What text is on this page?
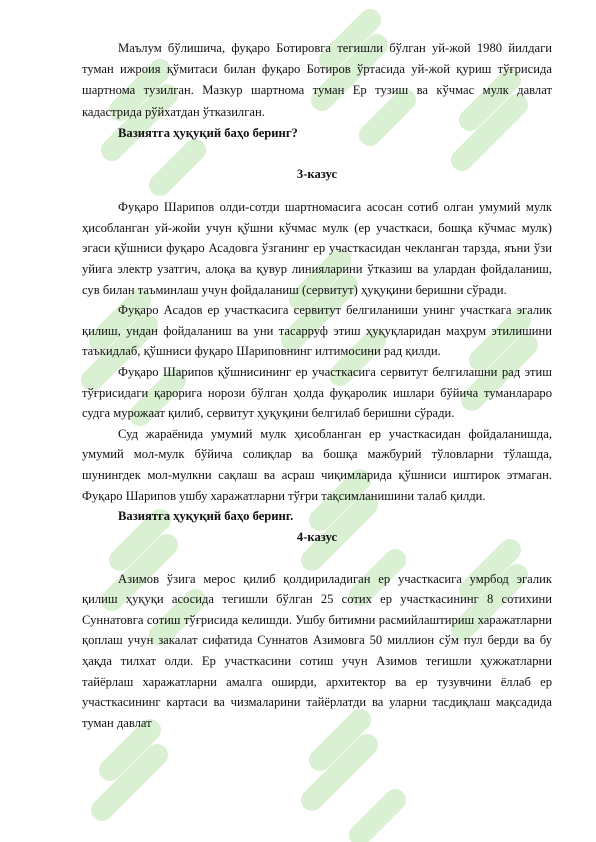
Маълум бўлишича, фуқаро Ботировга тегишли бўлган уй-жой 1980 йилдаги туман ижроия қўмитаси билан фуқаро Ботиров ўртасида уй-жой қуриш тўғрисида шартнома тузилган. Мазкур шартнома туман Ер тузиш ва кўчмас мулк давлат кадастрида рўйхатдан ўтказилган.

Вазиятга ҳуқуқий баҳо беринг?

3-казус

Фуқаро Шарипов олди-сотди шартномасига асосан сотиб олган умумий мулк ҳисобланган уй-жойи учун қўшни кўчмас мулк (ер участкаси, бошқа кўчмас мулк) эгаси қўшниси фуқаро Асадовга ўзганинг ер участкасидан чекланган тарзда, яъни ўзи уйига электр узатгич, алоқа ва қувур линияларини ўтказиш ва улардан фойдаланиш, сув билан таъминлаш учун фойдаланиш (сервитут) ҳуқуқини беришни сўради.

Фуқаро Асадов ер участкасига сервитут белгиланиши унинг участкага эгалик қилиш, ундан фойдаланиш ва уни тасарруф этиш ҳуқуқларидан маҳрум этилишини таъкидлаб, қўшниси фуқаро Шариповнинг илтимосини рад қилди.

Фуқаро Шарипов қўшнисининг ер участкасига сервитут белгилашни рад этиш тўғрисидаги қарорига норози бўлган ҳолда фуқаролик ишлари бўйича туманлараро судга мурожаат қилиб, сервитут ҳуқуқини белгилаб беришни сўради.

Суд жараёнида умумий мулк ҳисобланган ер участкасидан фойдаланишда, умумий мол-мулк бўйича солиқлар ва бошқа мажбурий тўловларни тўлашда, шунингдек мол-мулкни сақлаш ва асраш чиқимларида қўшниси иштирок этмаган. Фуқаро Шарипов ушбу харажатларни тўғри тақсимланишини талаб қилди.

Вазиятга ҳуқуқий баҳо беринг.

4-казус

Азимов ўзига мерос қилиб қолдириладиган ер участкасига умрбод эгалик қилиш ҳуқуқи асосида тегишли бўлган 25 сотих ер участкасининг 8 сотихини Суннатовга сотиш тўғрисида келишди. Ушбу битимни расмийлаштириш харажатларни қоплаш учун закалат сифатида Суннатов Азимовга 50 миллион сўм пул берди ва бу ҳақда тилхат олди. Ер участкасини сотиш учун Азимов тегишли ҳужжатларни тайёрлаш харажатларни амалга оширди, архитектор ва ер тузувчини ёллаб ер участкасининг картаси ва чизмаларини тайёрлатди ва уларни тасдиқлаш мақсадида туман давлат
